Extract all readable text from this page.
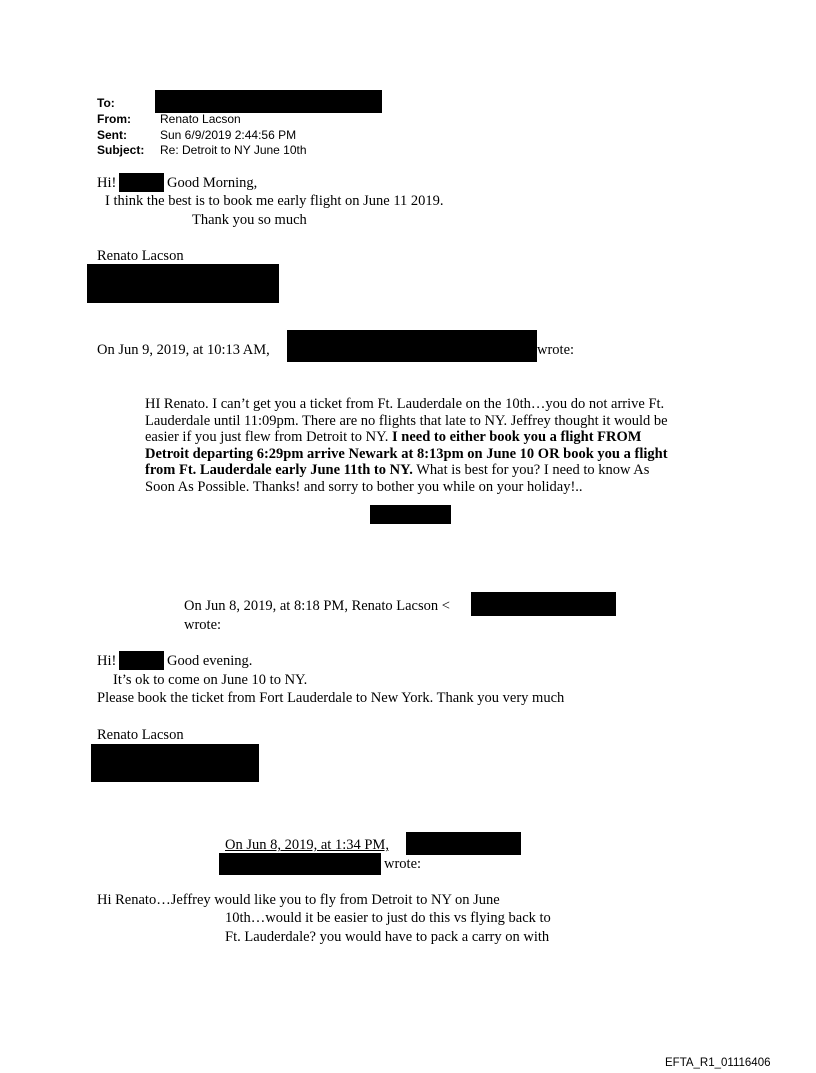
To:
From: Renato Lacson
Sent:	Sun 6/9/2019 2:44:56 PM
Subject: Re: Detroit to NY June 10th
Hi!	Good Morning,
I think the best is to book me early flight on June 11 2019.
Thank you so much
Renato Lacson
On Jun 9, 2019, at 10:13 AM,	wrote:
HI Renato. I can’t get you a ticket from Ft. Lauderdale on the 10th…you do not arrive Ft. Lauderdale until 11:09pm. There are no flights that late to NY. Jeffrey thought it would be easier if you just flew from Detroit to NY. I need to either book you a flight FROM Detroit departing 6:29pm arrive Newark at 8:13pm on June 10 OR book you a flight from Ft. Lauderdale early June 11th to NY. What is best for you? I need to know As Soon As Possible. Thanks! and sorry to bother you while on your holiday!..
On Jun 8, 2019, at 8:18 PM, Renato Lacson <
wrote:
Hi!	Good evening.
It’s ok to come on June 10 to NY.
Please book the ticket from Fort Lauderdale to New York. Thank you very much
Renato Lacson
On Jun 8, 2019, at 1:34 PM,
wrote:
Hi Renato…Jeffrey would like you to fly from Detroit to NY on June
10th…would it be easier to just do this vs flying back to
Ft. Lauderdale? you would have to pack a carry on with
EFTA_R1_01116406
